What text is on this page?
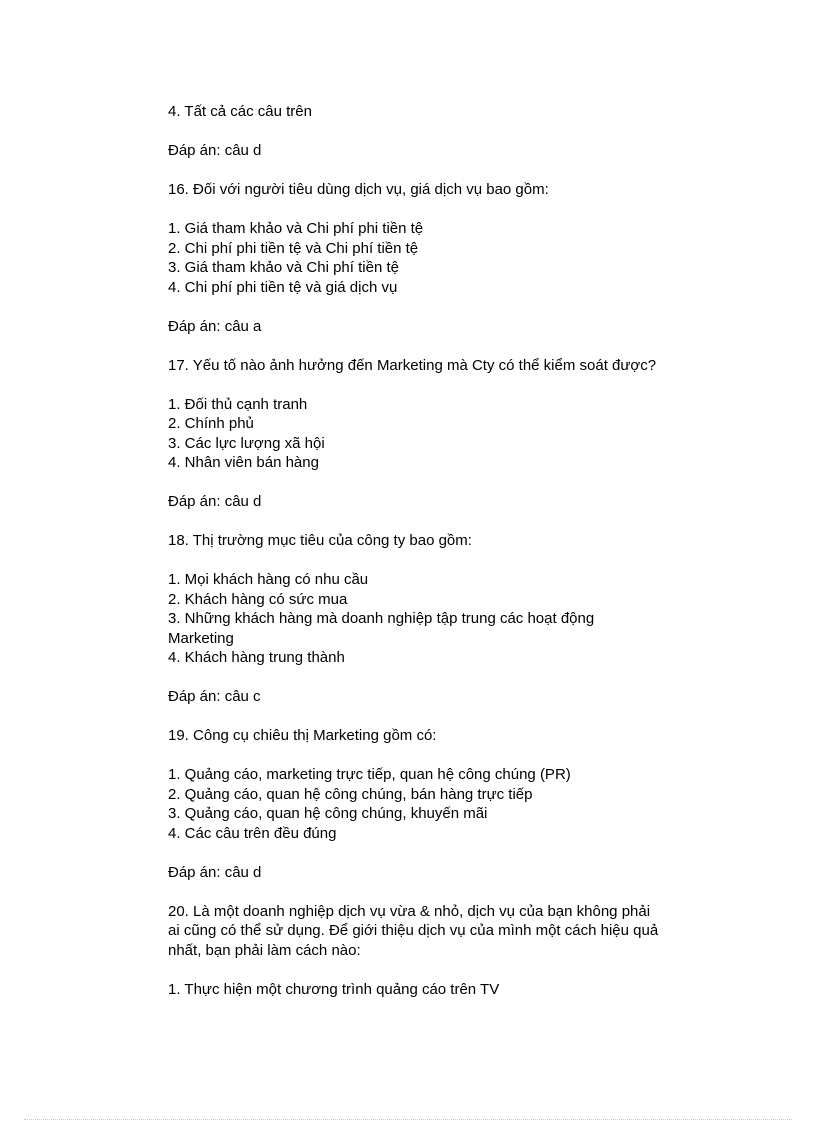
4. Tất cả các câu trên
Đáp án: câu d
16. Đối với người tiêu dùng dịch vụ, giá dịch vụ bao gồm:
1. Giá tham khảo và Chi phí phi tiền tệ
2. Chi phí phi tiền tệ và Chi phí tiền tệ
3. Giá tham khảo và Chi phí tiền tệ
4. Chi phí phi tiền tệ và giá dịch vụ
Đáp án: câu a
17. Yếu tố nào ảnh hưởng đến Marketing mà Cty có thể kiểm soát được?
1. Đối thủ cạnh tranh
2. Chính phủ
3. Các lực lượng xã hội
4. Nhân viên bán hàng
Đáp án: câu d
18. Thị trường mục tiêu của công ty bao gồm:
1. Mọi khách hàng có nhu cầu
2. Khách hàng có sức mua
3. Những khách hàng mà doanh nghiệp tập trung các hoạt động
Marketing
4. Khách hàng trung thành
Đáp án: câu c
19. Công cụ chiêu thị Marketing gồm có:
1. Quảng cáo, marketing trực tiếp, quan hệ công chúng (PR)
2. Quảng cáo, quan hệ công chúng, bán hàng trực tiếp
3. Quảng cáo, quan hệ công chúng, khuyến mãi
4. Các câu trên đều đúng
Đáp án: câu d
20. Là một doanh nghiệp dịch vụ vừa & nhỏ, dịch vụ của bạn không phải
ai cũng có thể sử dụng. Để giới thiệu dịch vụ của mình một cách hiệu quả
nhất, bạn phải làm cách nào:
1. Thực hiện một chương trình quảng cáo trên TV
